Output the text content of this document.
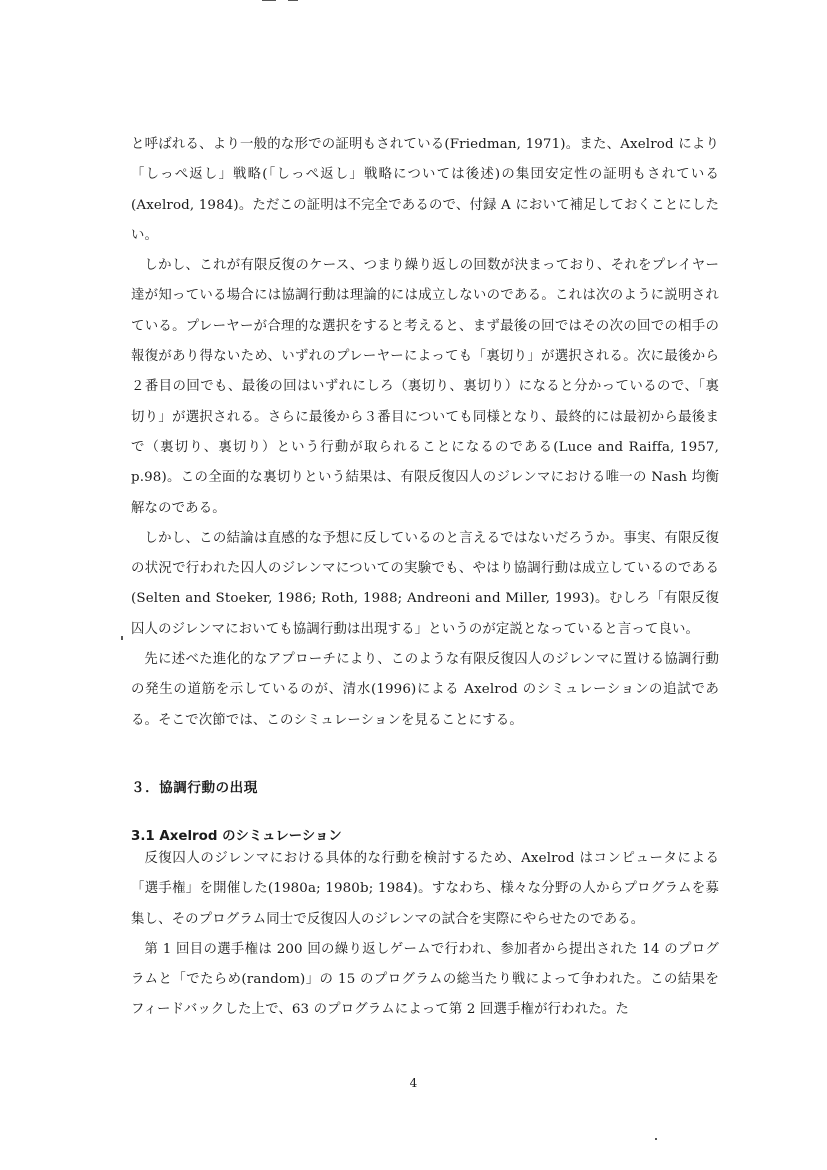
と呼ばれる、より一般的な形での証明もされている(Friedman, 1971)。また、Axelrod により「しっぺ返し」戦略(「しっぺ返し」戦略については後述)の集団安定性の証明もされている(Axelrod, 1984)。ただこの証明は不完全であるので、付録 A において補足しておくことにしたい。

しかし、これが有限反復のケース、つまり繰り返しの回数が決まっており、それをプレイヤー達が知っている場合には協調行動は理論的には成立しないのである。これは次のように説明されている。プレーヤーが合理的な選択をすると考えると、まず最後の回ではその次の回での相手の報復があり得ないため、いずれのプレーヤーによっても「裏切り」が選択される。次に最後から２番目の回でも、最後の回はいずれにしろ（裏切り、裏切り）になると分かっているので、「裏切り」が選択される。さらに最後から３番目についても同様となり、最終的には最初から最後まで（裏切り、裏切り）という行動が取られることになるのである(Luce and Raiffa, 1957, p.98)。この全面的な裏切りという結果は、有限反復囚人のジレンマにおける唯一の Nash 均衡解なのである。

しかし、この結論は直感的な予想に反しているのと言えるではないだろうか。事実、有限反復の状況で行われた囚人のジレンマについての実験でも、やはり協調行動は成立しているのである(Selten and Stoeker, 1986; Roth, 1988; Andreoni and Miller, 1993)。むしろ「有限反復囚人のジレンマにおいても協調行動は出現する」というのが定説となっていると言って良い。

先に述べた進化的なアプローチにより、このような有限反復囚人のジレンマに置ける協調行動の発生の道筋を示しているのが、清水(1996)による Axelrod のシミュレーションの追試である。そこで次節では、このシミュレーションを見ることにする。

３．協調行動の出現
3.1 Axelrod のシミュレーション

反復囚人のジレンマにおける具体的な行動を検討するため、Axelrod はコンピュータによる「選手権」を開催した(1980a; 1980b; 1984)。すなわち、様々な分野の人からプログラムを募集し、そのプログラム同士で反復囚人のジレンマの試合を実際にやらせたのである。

第 1 回目の選手権は 200 回の繰り返しゲームで行われ、参加者から提出された 14 のプログラムと「でたらめ(random)」の 15 のプログラムの総当たり戦によって争われた。この結果をフィードバックした上で、63 のプログラムによって第 2 回選手権が行われた。た

4
